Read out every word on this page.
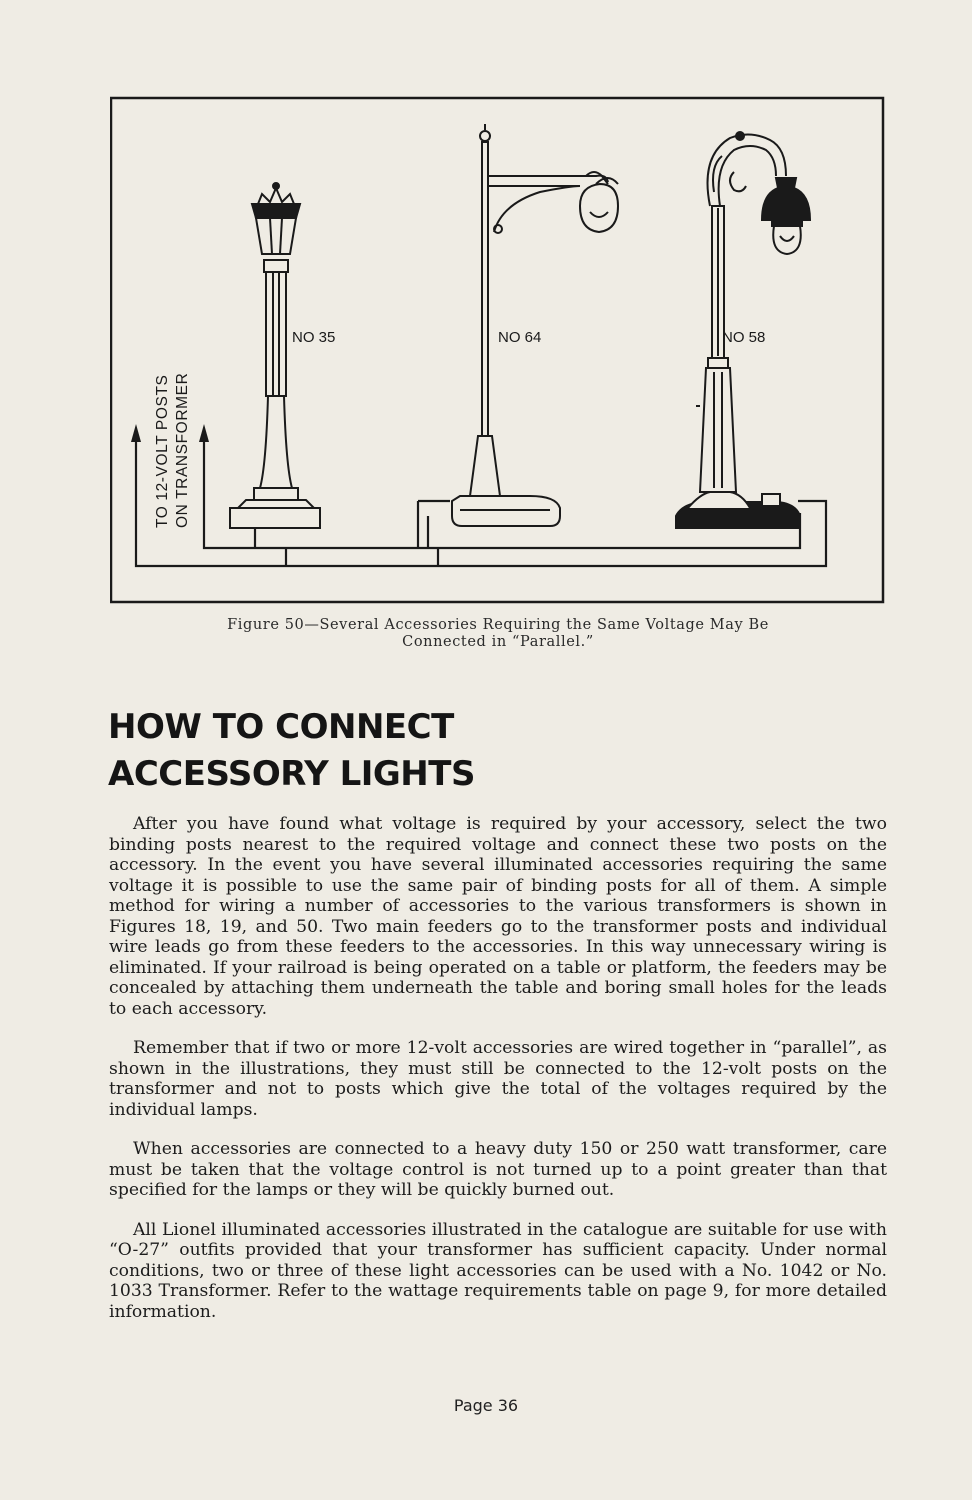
NO 35	NO 64	NO 58
TO 12-VOLT POSTS ON TRANSFORMER
Figure 50—Several Accessories Requiring the Same Voltage May Be
Connected in “Parallel.”
HOW TO CONNECT
ACCESSORY LIGHTS

After you have found what voltage is required by your accessory, select the two binding posts nearest to the required voltage and connect these two posts on the accessory. In the event you have several illuminated accessories requiring the same voltage it is possible to use the same pair of binding posts for all of them. A simple method for wiring a number of accessories to the various transformers is shown in Figures 18, 19, and 50. Two main feeders go to the transformer posts and individual wire leads go from these feeders to the accessories. In this way unnecessary wiring is eliminated. If your railroad is being operated on a table or platform, the feeders may be concealed by attaching them underneath the table and boring small holes for the leads to each accessory.

Remember that if two or more 12-volt accessories are wired together in “parallel”, as shown in the illustrations, they must still be connected to the 12-volt posts on the transformer and not to posts which give the total of the voltages required by the individual lamps.

When accessories are connected to a heavy duty 150 or 250 watt transformer, care must be taken that the voltage control is not turned up to a point greater than that specified for the lamps or they will be quickly burned out.

All Lionel illuminated accessories illustrated in the catalogue are suitable for use with “O-27” outfits provided that your transformer has sufficient capacity. Under normal conditions, two or three of these light accessories can be used with a No. 1042 or No. 1033 Transformer. Refer to the wattage requirements table on page 9, for more detailed information.

Page 36
